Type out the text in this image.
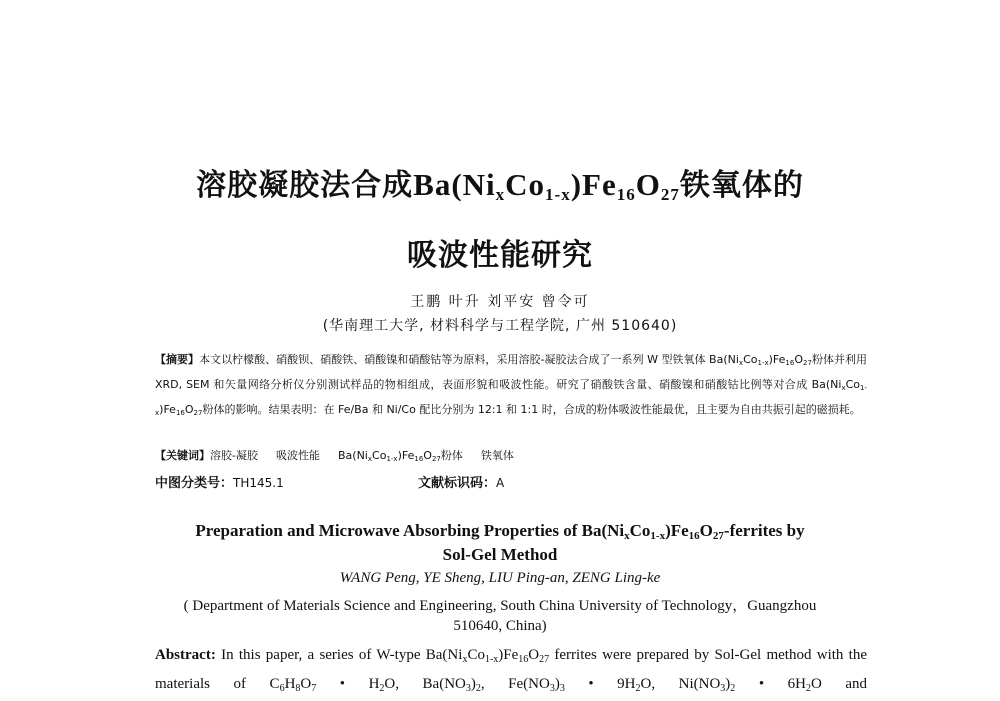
溶胶凝胶法合成$Ba(Ni_xCo_{1-x})Fe_{16}O_{27}$铁氧体的
吸波性能研究
王鹏 叶升 刘平安 曾令可
(华南理工大学, 材料科学与工程学院, 广州 510640)
【摘要】本文以柠檬酸、硝酸钡、硝酸铁、硝酸镍和硝酸钴等为原料，采用溶胶-凝胶法合成了一系列 W 型铁氧体 $Ba(Ni_xCo_{1-x})Fe_{16}O_{27}$粉体并利用 XRD, SEM 和矢量网络分析仪分别测试样品的物相组成，表面形貌和吸波性能。研究了硝酸铁含量、硝酸镍和硝酸钴比例等对合成 $Ba(Ni_xCo_{1-x})Fe_{16}O_{27}$粉体的影响。结果表明：在 Fe/Ba 和 Ni/Co 配比分别为 12:1 和 1:1 时，合成的粉体吸波性能最优，且主要为自由共振引起的磁损耗。
【关键词】溶胶-凝胶 吸波性能 $Ba(Ni_xCo_{1-x})Fe_{16}O_{27}$粉体 铁氧体
中图分类号：TH145.1	文献标识码：A
Preparation and Microwave Absorbing Properties of $Ba(Ni_xCo_{1-x})Fe_{16}O_{27}$-ferrites by
Sol-Gel Method
WANG Peng, YE Sheng, LIU Ping-an, ZENG Ling-ke
( Department of Materials Science and Engineering, South China University of Technology，Guangzhou
510640, China)
Abstract: In this paper, a series of W-type $Ba(Ni_xCo_{1-x})Fe_{16}O_{27}$ ferrites were prepared by Sol-Gel method with the materials of $C_6H_8O_7$ • $H_2O$, $Ba(NO_3)_2$, $Fe(NO_3)_3$ • $9H_2O$, $Ni(NO_3)_2$ • $6H_2O$ and
